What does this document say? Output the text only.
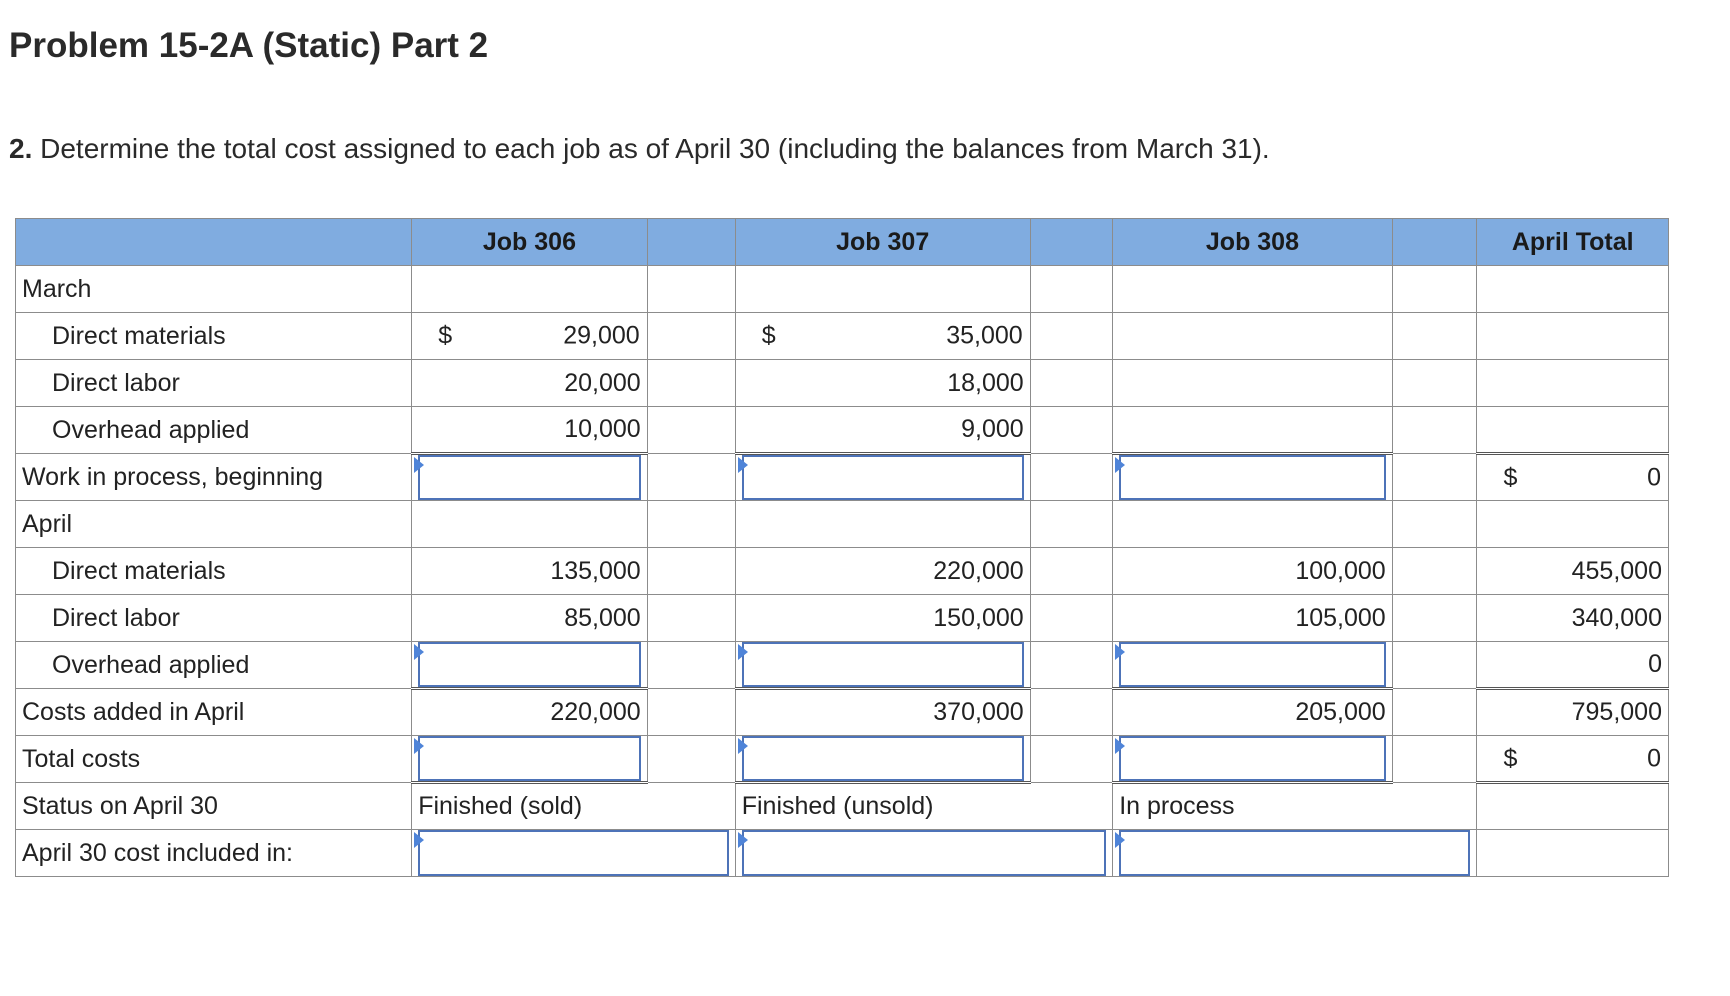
Problem 15-2A (Static) Part 2

2. Determine the total cost assigned to each job as of April 30 (including the balances from March 31).

	Job 306		Job 307		Job 308		April Total
March							
Direct materials	$ 29,000		$ 35,000				

Direct labor	20,000		18,000				
Overhead applied	10,000		9,000				
Work in process, beginning							$ 0

April							
Direct materials	135,000		220,000		100,000		455,000
Direct labor	85,000		150,000		105,000		340,000
Overhead applied							0
Costs added in April	220,000		370,000		205,000		795,000
Total costs							$ 0

Status on April 30	Finished (sold)		Finished (unsold)		In process		
April 30 cost included in:				
